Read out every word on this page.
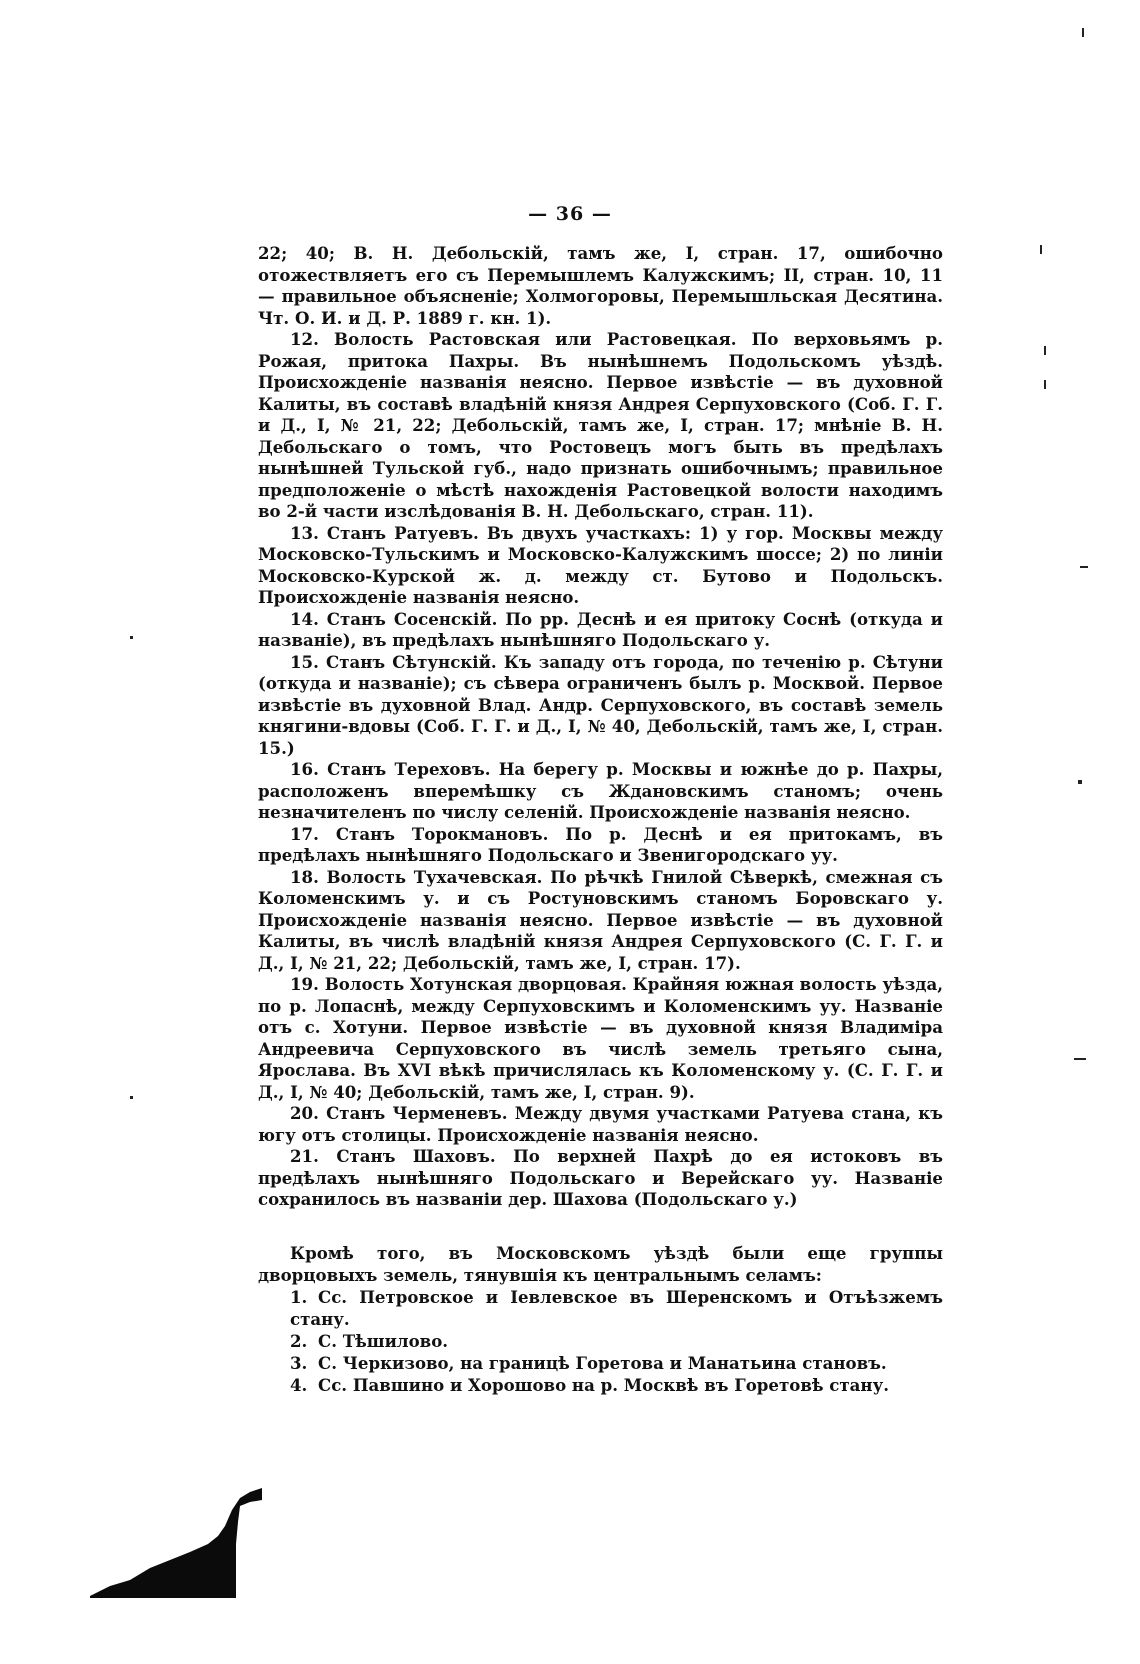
— 36 —

22; 40; В. Н. Дебольскій, тамъ же, I, стран. 17, ошибочно отожествляетъ его съ Перемышлемъ Калужскимъ; II, стран. 10, 11 — правильное объясненіе; Холмогоровы, Перемышльская Десятина. Чт. О. И. и Д. Р. 1889 г. кн. 1).

12. Волость Растовская или Растовецкая. По верховьямъ р. Рожая, притока Пахры. Въ нынѣшнемъ Подольскомъ уѣздѣ. Происхожденіе названія неясно. Первое извѣстіе — въ духовной Калиты, въ составѣ владѣній князя Андрея Серпуховского (Соб. Г. Г. и Д., I, № 21, 22; Дебольскій, тамъ же, I, стран. 17; мнѣніе В. Н. Дебольскаго о томъ, что Ростовецъ могъ быть въ предѣлахъ нынѣшней Тульской губ., надо признать ошибочнымъ; правильное предположеніе о мѣстѣ нахожденія Растовецкой волости находимъ во 2-й части изслѣдованія В. Н. Дебольскаго, стран. 11).

13. Станъ Ратуевъ. Въ двухъ участкахъ: 1) у гор. Москвы между Московско-Тульскимъ и Московско-Калужскимъ шоссе; 2) по линіи Московско-Курской ж. д. между ст. Бутово и Подольскъ. Происхожденіе названія неясно.

14. Станъ Сосенскій. По рр. Деснѣ и ея притоку Соснѣ (откуда и названіе), въ предѣлахъ нынѣшняго Подольскаго у.

15. Станъ Сѣтунскій. Къ западу отъ города, по теченію р. Сѣтуни (откуда и названіе); съ сѣвера ограниченъ былъ р. Москвой. Первое извѣстіе въ духовной Влад. Андр. Серпуховского, въ составѣ земель княгини-вдовы (Соб. Г. Г. и Д., I, № 40, Дебольскій, тамъ же, I, стран. 15.)

16. Станъ Тереховъ. На берегу р. Москвы и южнѣе до р. Пахры, расположенъ вперемѣшку съ Ждановскимъ станомъ; очень незначителенъ по числу селеній. Происхожденіе названія неясно.

17. Станъ Торокмановъ. По р. Деснѣ и ея притокамъ, въ предѣлахъ нынѣшняго Подольскаго и Звенигородскаго уу.

18. Волость Тухачевская. По рѣчкѣ Гнилой Сѣверкѣ, смежная съ Коломенскимъ у. и съ Ростуновскимъ станомъ Боровскаго у. Происхожденіе названія неясно. Первое извѣстіе — въ духовной Калиты, въ числѣ владѣній князя Андрея Серпуховского (С. Г. Г. и Д., I, № 21, 22; Дебольскій, тамъ же, I, стран. 17).

19. Волость Хотунская дворцовая. Крайняя южная волость уѣзда, по р. Лопаснѣ, между Серпуховскимъ и Коломенскимъ уу. Названіе отъ с. Хотуни. Первое извѣстіе — въ духовной князя Владиміра Андреевича Серпуховского въ числѣ земель третьяго сына, Ярослава. Въ XVI вѣкѣ причислялась къ Коломенскому у. (С. Г. Г. и Д., I, № 40; Дебольскій, тамъ же, I, стран. 9).

20. Станъ Черменевъ. Между двумя участками Ратуева стана, къ югу отъ столицы. Происхожденіе названія неясно.

21. Станъ Шаховъ. По верхней Пахрѣ до ея истоковъ въ предѣлахъ нынѣшняго Подольскаго и Верейскаго уу. Названіе сохранилось въ названіи дер. Шахова (Подольскаго у.)

Кромѣ того, въ Московскомъ уѣздѣ были еще группы дворцовыхъ земель, тянувшія къ центральнымъ селамъ:

1. Сс. Петровское и Іевлевское въ Шеренскомъ и Отъѣзжемъ стану.
2. С. Тѣшилово.
3. С. Черкизово, на границѣ Горетова и Манатьина становъ.
4. Сс. Павшино и Хорошово на р. Москвѣ въ Горетовѣ стану.
